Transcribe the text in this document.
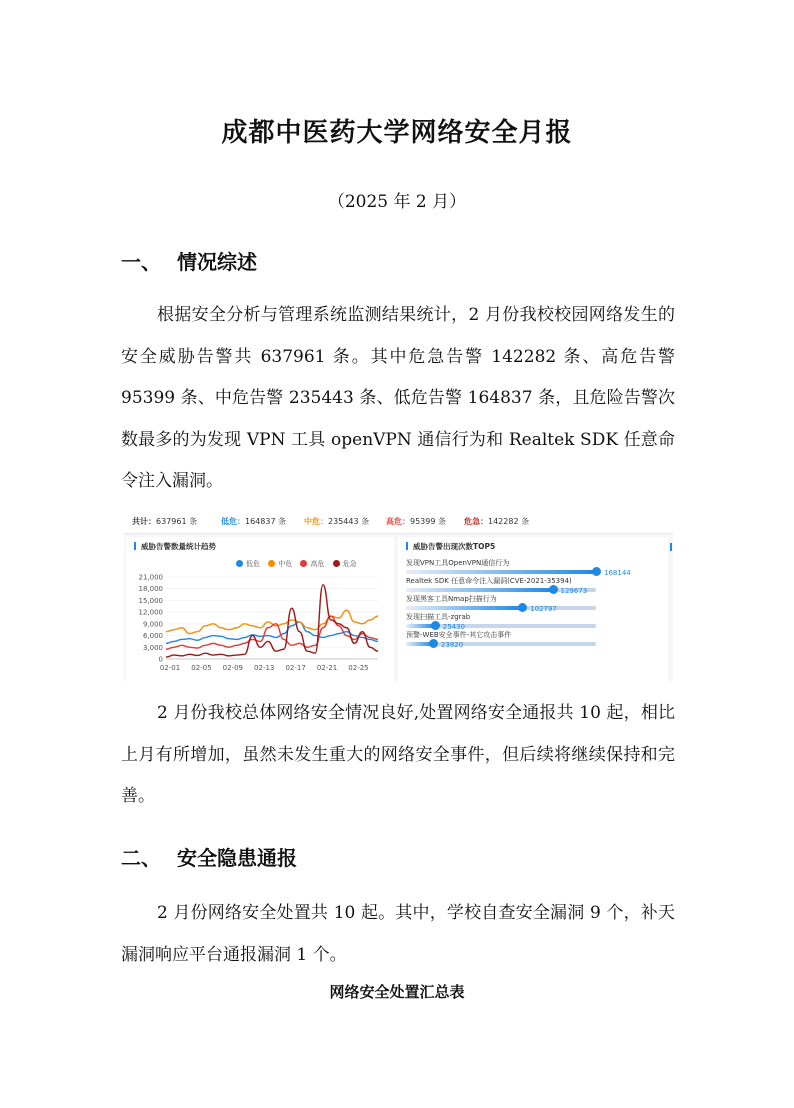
成都中医药大学网络安全月报
（2025 年 2 月）
一、 情况综述

根据安全分析与管理系统监测结果统计，2 月份我校校园网络发生的安全威胁告警共 637961 条。其中危急告警 142282 条、高危告警 95399 条、中危告警 235443 条、低危告警 164837 条，且危险告警次数最多的为发现 VPN 工具 openVPN 通信行为和 Realtek SDK 任意命令注入漏洞。

共计：637961 条	低危：164837 条 中危：235443 条 高危：95399 条 危急：142282 条
威胁告警数量统计趋势
低危	中危	高危	危急
0
3,000
6,000
9,000
12,000
15,000
18,000
21,000
02-01 02-05 02-09 02-13 02-17 02-21 02-25
威胁告警出现次数TOP5
发现VPN工具OpenVPN通信行为
168144
Realtek SDK 任意命令注入漏洞(CVE-2021-35394)
129673
发现黑客工具Nmap扫描行为
102797
发现扫描工具-zgrab
25430
预警-WEB安全事件-其它攻击事件
23820

2 月份我校总体网络安全情况良好,处置网络安全通报共 10 起，相比上月有所增加，虽然未发生重大的网络安全事件，但后续将继续保持和完善。

二、 安全隐患通报

2 月份网络安全处置共 10 起。其中，学校自查安全漏洞 9 个，补天漏洞响应平台通报漏洞 1 个。

网络安全处置汇总表
